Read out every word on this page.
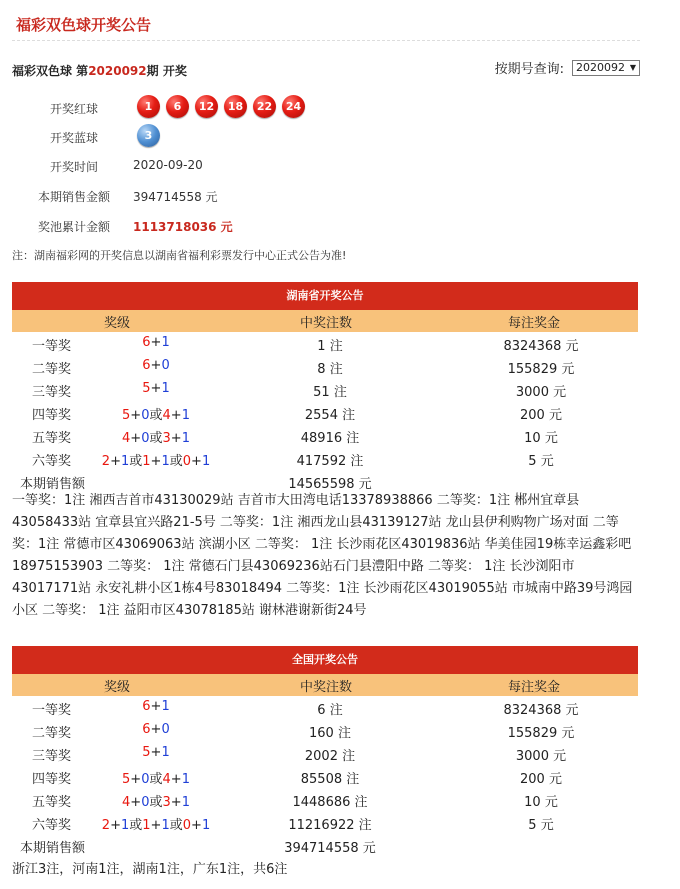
福彩双色球开奖公告
福彩双色球 第2020092期 开奖	按期号查询: 2020092 ▼
开奖红球	1	6	12	18	22	24
开奖蓝球	3
开奖时间	2020-09-20
本期销售金额 394714558 元
奖池累计金额 1113718036 元
注：湖南福彩网的开奖信息以湖南省福利彩票发行中心正式公告为准!
湖南省开奖公告
奖级	中奖注数	每注奖金
一等奖	6+1	1 注	8324368 元
二等奖	6+0	8 注	155829 元
三等奖	5+1	51 注	3000 元
四等奖	5+0或4+1	2554 注	200 元
五等奖	4+0或3+1	48916 注	10 元
六等奖	2+1或1+1或0+1	417592 注	5 元
本期销售额	14565598 元
一等奖：1注 湘西吉首市43130029站 吉首市大田湾电话13378938866 二等奖：1注 郴州宜章县43058433站 宜章县宜兴路21-5号 二等奖：1注 湘西龙山县43139127站 龙山县伊利购物广场对面 二等奖：1注 常德市区43069063站 滨湖小区 二等奖： 1注 长沙雨花区43019836站 华美佳园19栋幸运鑫彩吧18975153903 二等奖： 1注 常德石门县43069236站石门县澧阳中路 二等奖： 1注 长沙浏阳市43017171站 永安礼耕小区1栋4号83018494 二等奖：1注 长沙雨花区43019055站 市城南中路39号鸿园小区 二等奖： 1注 益阳市区43078185站 谢林港谢新街24号
全国开奖公告
奖级	中奖注数	每注奖金
一等奖	6+1	6 注	8324368 元
二等奖	6+0	160 注	155829 元
三等奖	5+1	2002 注	3000 元
四等奖	5+0或4+1	85508 注	200 元
五等奖	4+0或3+1	1448686 注	10 元
六等奖	2+1或1+1或0+1	11216922 注	5 元
本期销售额	394714558 元
浙江3注，河南1注，湖南1注，广东1注，共6注
